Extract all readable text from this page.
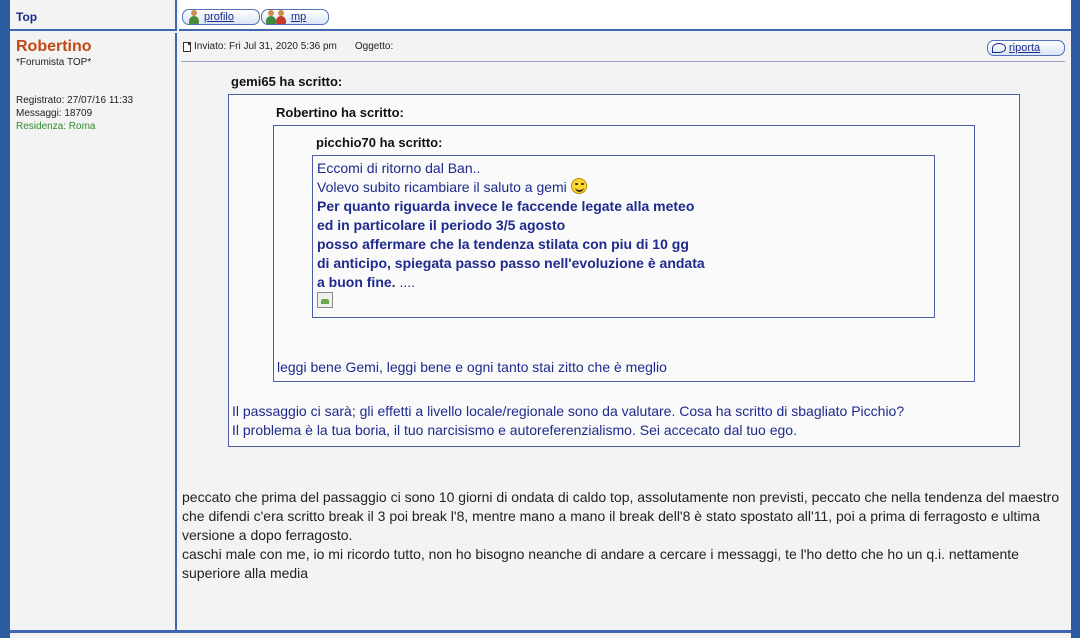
Top	profilo	mp
Robertino
*Forumista TOP*
Registrato: 27/07/16 11:33
Messaggi: 18709
Residenza: Roma
Inviato: Fri Jul 31, 2020 5:36 pm Oggetto:	riporta
gemi65 ha scritto:
Robertino ha scritto:
picchio70 ha scritto:
Eccomi di ritorno dal Ban..
Volevo subito ricambiare il saluto a gemi
Per quanto riguarda invece le faccende legate alla meteo
ed in particolare il periodo 3/5 agosto
posso affermare che la tendenza stilata con piu di 10 gg
di anticipo, spiegata passo passo nell'evoluzione è andata
a buon fine. ....
leggi bene Gemi, leggi bene e ogni tanto stai zitto che è meglio
Il passaggio ci sarà; gli effetti a livello locale/regionale sono da valutare. Cosa ha scritto di sbagliato Picchio?
Il problema è la tua boria, il tuo narcisismo e autoreferenzialismo. Sei accecato dal tuo ego.
peccato che prima del passaggio ci sono 10 giorni di ondata di caldo top, assolutamente non previsti, peccato che nella tendenza del maestro che difendi c'era scritto break il 3 poi break l'8, mentre mano a mano il break dell'8 è stato spostato all'11, poi a prima di ferragosto e ultima versione a dopo ferragosto.
caschi male con me, io mi ricordo tutto, non ho bisogno neanche di andare a cercare i messaggi, te l'ho detto che ho un q.i. nettamente superiore alla media
